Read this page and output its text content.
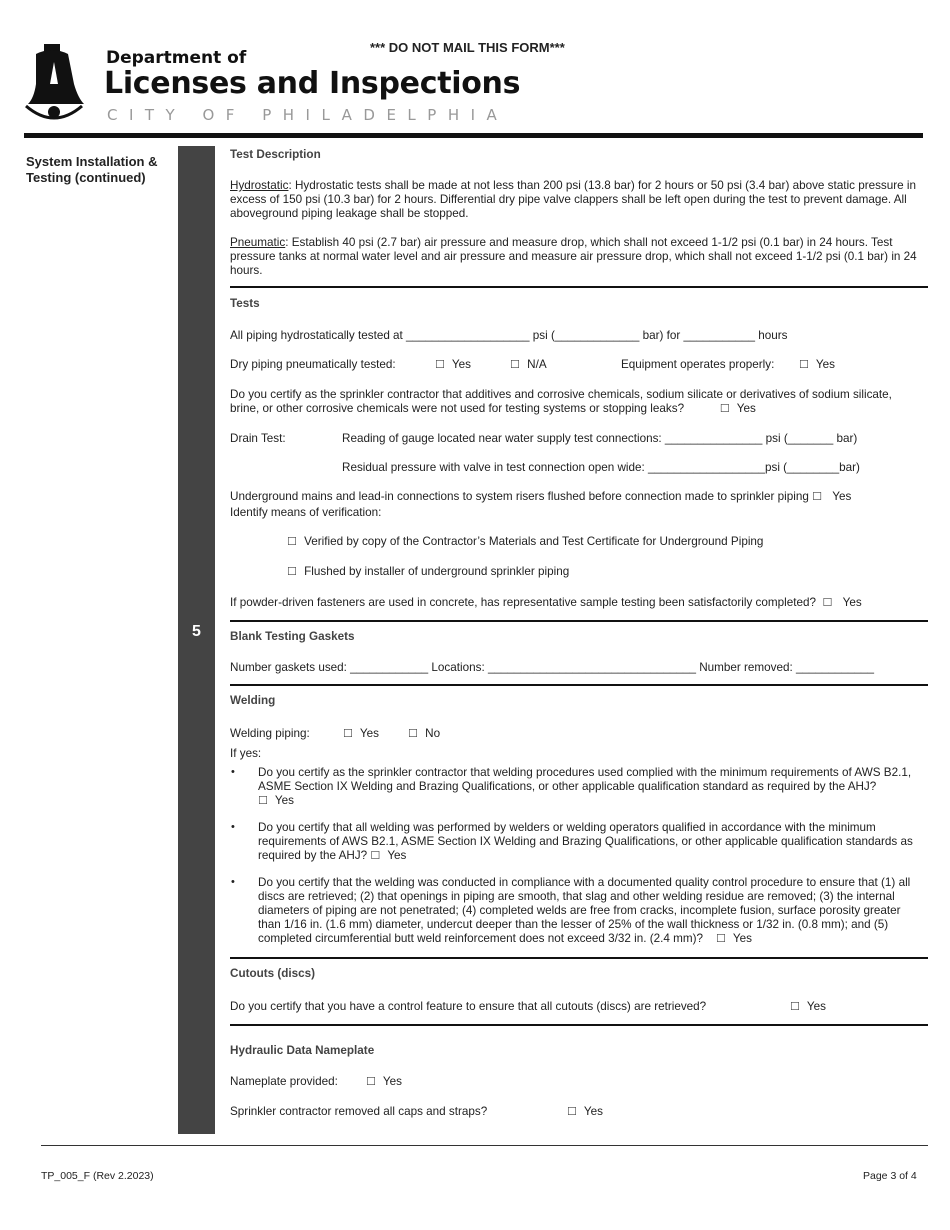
*** DO NOT MAIL THIS FORM***
Department of
Licenses and Inspections
CITY OF PHILADELPHIA
System Installation & Testing (continued)
5
Test Description
Hydrostatic: Hydrostatic tests shall be made at not less than 200 psi (13.8 bar) for 2 hours or 50 psi (3.4 bar) above static pressure in excess of 150 psi (10.3 bar) for 2 hours. Differential dry pipe valve clappers shall be left open during the test to prevent damage. All aboveground piping leakage shall be stopped.
Pneumatic: Establish 40 psi (2.7 bar) air pressure and measure drop, which shall not exceed 1-1/2 psi (0.1 bar) in 24 hours. Test pressure tanks at normal water level and air pressure and measure air pressure drop, which shall not exceed 1-1/2 psi (0.1 bar) in 24 hours.
Tests
All piping hydrostatically tested at ___________________ psi (_____________ bar) for ___________ hours
Dry piping pneumatically tested:	☐ Yes	☐ N/A	Equipment operates properly: ☐ Yes
Do you certify as the sprinkler contractor that additives and corrosive chemicals, sodium silicate or derivatives of sodium silicate, brine, or other corrosive chemicals were not used for testing systems or stopping leaks?	☐ Yes
Drain Test:	Reading of gauge located near water supply test connections: _______________ psi (_______ bar)
Residual pressure with valve in test connection open wide: __________________psi (________bar)
Underground mains and lead-in connections to system risers flushed before connection made to sprinkler piping ☐ Yes
Identify means of verification:
☐ Verified by copy of the Contractor’s Materials and Test Certificate for Underground Piping
☐ Flushed by installer of underground sprinkler piping
If powder-driven fasteners are used in concrete, has representative sample testing been satisfactorily completed? ☐ Yes
Blank Testing Gaskets
Number gaskets used: ____________ Locations: ________________________________ Number removed: ____________
Welding
Welding piping:	☐ Yes	☐ No
If yes:
• Do you certify as the sprinkler contractor that welding procedures used complied with the minimum requirements of AWS B2.1, ASME Section IX Welding and Brazing Qualifications, or other applicable qualification standard as required by the AHJ?              ☐ Yes
• Do you certify that all welding was performed by welders or welding operators qualified in accordance with the minimum requirements of AWS B2.1, ASME Section IX Welding and Brazing Qualifications, or other applicable qualification standards as required by the AHJ? ☐ Yes
• Do you certify that the welding was conducted in compliance with a documented quality control procedure to ensure that (1) all discs are retrieved; (2) that openings in piping are smooth, that slag and other welding residue are removed; (3) the internal diameters of piping are not penetrated; (4) completed welds are free from cracks, incomplete fusion, surface porosity greater than 1/16 in. (1.6 mm) diameter, undercut deeper than the lesser of 25% of the wall thickness or 1/32 in. (0.8 mm); and (5) completed circumferential butt weld reinforcement does not exceed 3/32 in. (2.4 mm)? ☐ Yes
Cutouts (discs)
Do you certify that you have a control feature to ensure that all cutouts (discs) are retrieved?	☐ Yes
Hydraulic Data Nameplate
Nameplate provided:	☐ Yes
Sprinkler contractor removed all caps and straps?	☐ Yes
TP_005_F (Rev 2.2023)	Page 3 of 4
